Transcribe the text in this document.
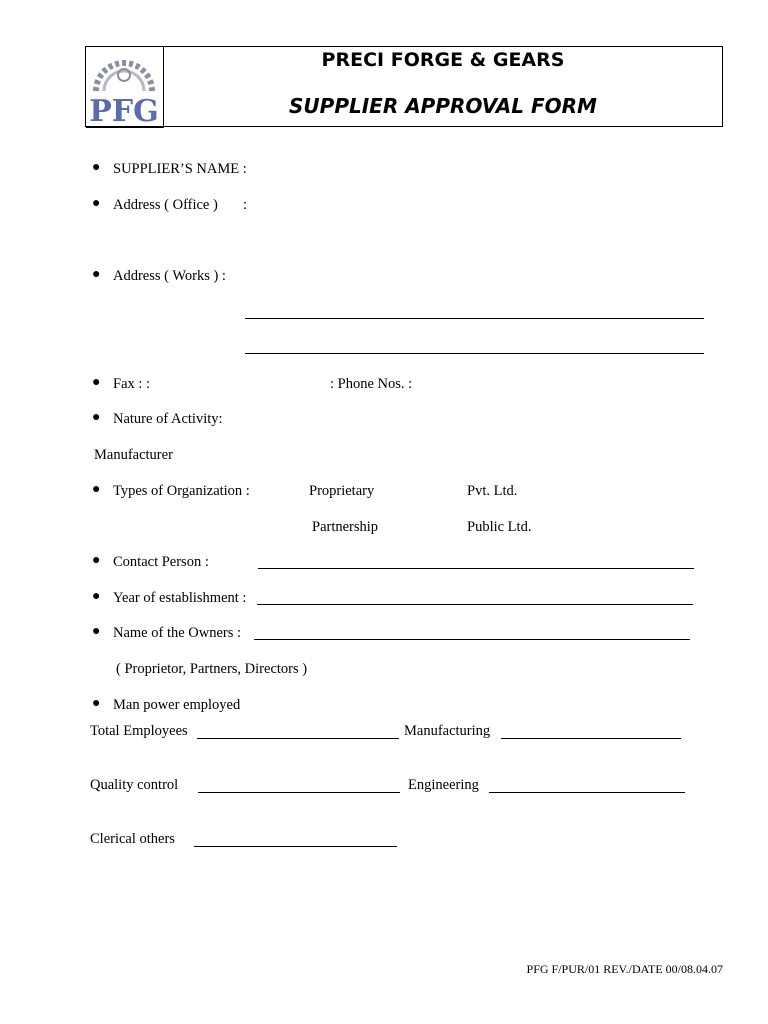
PFG
PRECI FORGE & GEARS
SUPPLIER APPROVAL FORM
● SUPPLIER’S NAME :
● Address ( Office ) :
● Address ( Works ) :
● Fax : :	: Phone Nos. :
● Nature of Activity:
Manufacturer
● Types of Organization :	Proprietary	Pvt. Ltd.
Partnership	Public Ltd.
● Contact Person :
● Year of establishment :
● Name of the Owners :
( Proprietor, Partners, Directors )
● Man power employed
Total Employees	Manufacturing
Quality control	Engineering
Clerical others
PFG F/PUR/01 REV./DATE 00/08.04.07
